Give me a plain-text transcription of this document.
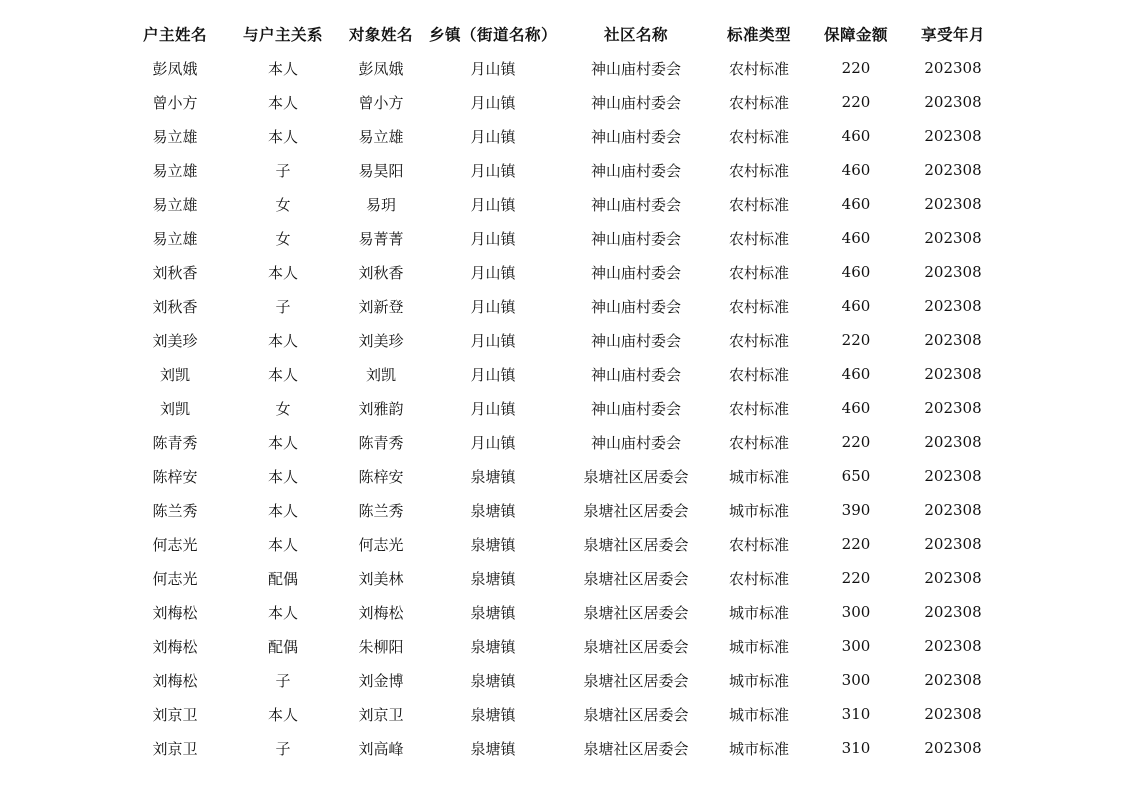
户主姓名	与户主关系	对象姓名	乡镇（街道名称）	社区名称	标准类型	保障金额	享受年月
彭凤娥	本人	彭凤娥	月山镇	神山庙村委会	农村标准	220	202308
曾小方	本人	曾小方	月山镇	神山庙村委会	农村标准	220	202308
易立雄	本人	易立雄	月山镇	神山庙村委会	农村标准	460	202308
易立雄	子	易昊阳	月山镇	神山庙村委会	农村标准	460	202308
易立雄	女	易玥	月山镇	神山庙村委会	农村标准	460	202308
易立雄	女	易菁菁	月山镇	神山庙村委会	农村标准	460	202308
刘秋香	本人	刘秋香	月山镇	神山庙村委会	农村标准	460	202308
刘秋香	子	刘新登	月山镇	神山庙村委会	农村标准	460	202308
刘美珍	本人	刘美珍	月山镇	神山庙村委会	农村标准	220	202308
刘凯	本人	刘凯	月山镇	神山庙村委会	农村标准	460	202308
刘凯	女	刘雅韵	月山镇	神山庙村委会	农村标准	460	202308
陈青秀	本人	陈青秀	月山镇	神山庙村委会	农村标准	220	202308
陈梓安	本人	陈梓安	泉塘镇	泉塘社区居委会	城市标准	650	202308
陈兰秀	本人	陈兰秀	泉塘镇	泉塘社区居委会	城市标准	390	202308
何志光	本人	何志光	泉塘镇	泉塘社区居委会	农村标准	220	202308
何志光	配偶	刘美林	泉塘镇	泉塘社区居委会	农村标准	220	202308
刘梅松	本人	刘梅松	泉塘镇	泉塘社区居委会	城市标准	300	202308
刘梅松	配偶	朱柳阳	泉塘镇	泉塘社区居委会	城市标准	300	202308
刘梅松	子	刘金博	泉塘镇	泉塘社区居委会	城市标准	300	202308
刘京卫	本人	刘京卫	泉塘镇	泉塘社区居委会	城市标准	310	202308
刘京卫	子	刘高峰	泉塘镇	泉塘社区居委会	城市标准	310	202308
